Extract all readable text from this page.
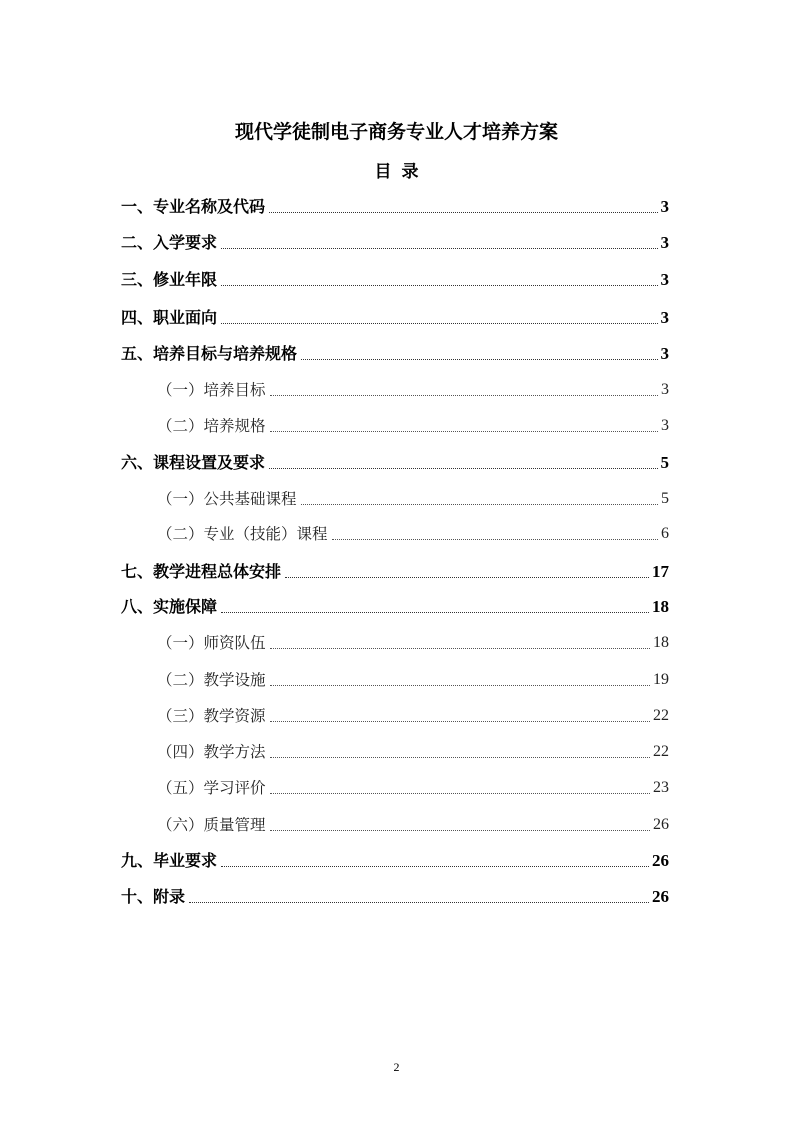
现代学徒制电子商务专业人才培养方案
目录
一、专业名称及代码	3
二、入学要求	3
三、修业年限	3
四、职业面向	3
五、培养目标与培养规格	3
（一）培养目标	3
（二）培养规格	3
六、课程设置及要求	5
（一）公共基础课程	5
（二）专业（技能）课程	6
七、教学进程总体安排	17
八、实施保障	18
（一）师资队伍	18
（二）教学设施	19
（三）教学资源	22
（四）教学方法	22
（五）学习评价	23
（六）质量管理	26
九、毕业要求	26
十、附录	26
2
